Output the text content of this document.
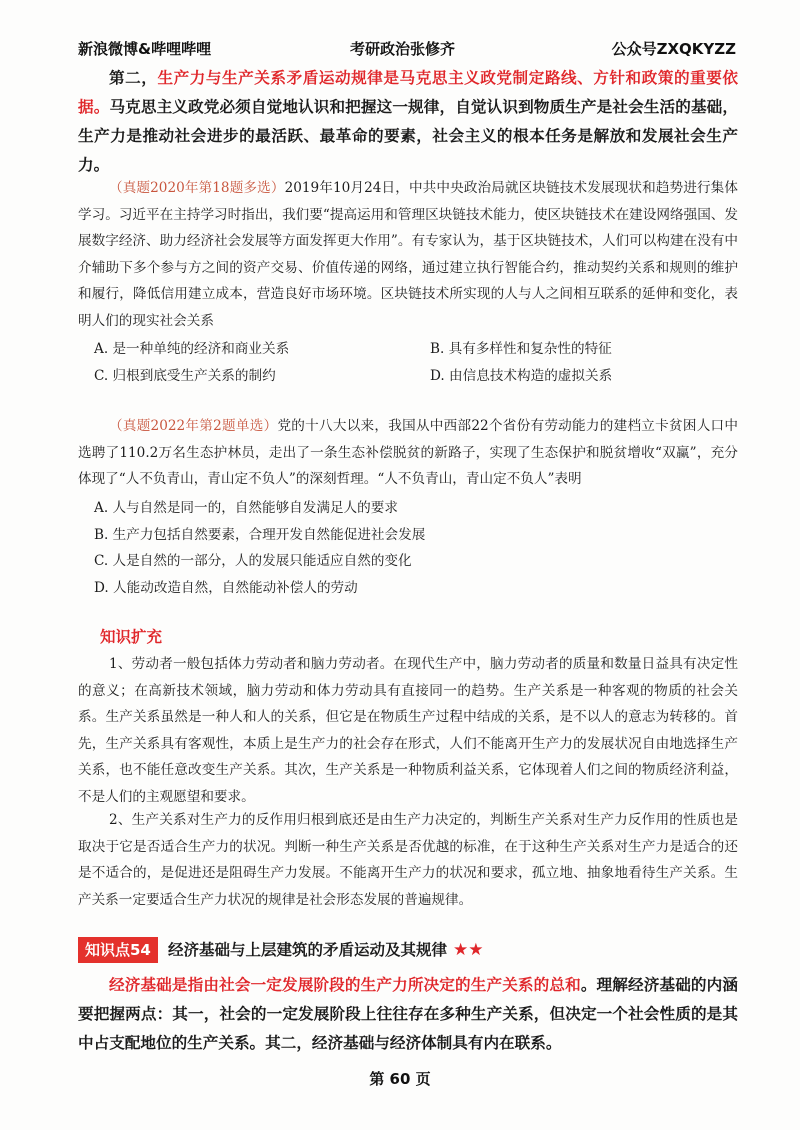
新浪微博&哔哩哔哩	考研政治张修齐	公众号ZXQKYZZ
第二，生产力与生产关系矛盾运动规律是马克思主义政党制定路线、方针和政策的重要依据。马克思主义政党必须自觉地认识和把握这一规律，自觉认识到物质生产是社会生活的基础，生产力是推动社会进步的最活跃、最革命的要素，社会主义的根本任务是解放和发展社会生产力。
（真题2020年第18题多选）2019年10月24日，中共中央政治局就区块链技术发展现状和趋势进行集体学习。习近平在主持学习时指出，我们要“提高运用和管理区块链技术能力，使区块链技术在建设网络强国、发展数字经济、助力经济社会发展等方面发挥更大作用”。有专家认为，基于区块链技术，人们可以构建在没有中介辅助下多个参与方之间的资产交易、价值传递的网络，通过建立执行智能合约，推动契约关系和规则的维护和履行，降低信用建立成本，营造良好市场环境。区块链技术所实现的人与人之间相互联系的延伸和变化，表明人们的现实社会关系
A. 是一种单纯的经济和商业关系	B. 具有多样性和复杂性的特征
C. 归根到底受生产关系的制约	D. 由信息技术构造的虚拟关系
（真题2022年第2题单选）党的十八大以来，我国从中西部22个省份有劳动能力的建档立卡贫困人口中选聘了110.2万名生态护林员，走出了一条生态补偿脱贫的新路子，实现了生态保护和脱贫增收“双赢”，充分体现了“人不负青山，青山定不负人”的深刻哲理。“人不负青山，青山定不负人”表明
A. 人与自然是同一的，自然能够自发满足人的要求
B. 生产力包括自然要素，合理开发自然能促进社会发展
C. 人是自然的一部分，人的发展只能适应自然的变化
D. 人能动改造自然，自然能动补偿人的劳动
知识扩充
1、劳动者一般包括体力劳动者和脑力劳动者。在现代生产中，脑力劳动者的质量和数量日益具有决定性的意义；在高新技术领域，脑力劳动和体力劳动具有直接同一的趋势。生产关系是一种客观的物质的社会关系。生产关系虽然是一种人和人的关系，但它是在物质生产过程中结成的关系，是不以人的意志为转移的。首先，生产关系具有客观性，本质上是生产力的社会存在形式，人们不能离开生产力的发展状况自由地选择生产关系，也不能任意改变生产关系。其次，生产关系是一种物质利益关系，它体现着人们之间的物质经济利益，不是人们的主观愿望和要求。
2、生产关系对生产力的反作用归根到底还是由生产力决定的，判断生产关系对生产力反作用的性质也是取决于它是否适合生产力的状况。判断一种生产关系是否优越的标准，在于这种生产关系对生产力是适合的还是不适合的，是促进还是阻碍生产力发展。不能离开生产力的状况和要求，孤立地、抽象地看待生产关系。生产关系一定要适合生产力状况的规律是社会形态发展的普遍规律。
知识点54	经济基础与上层建筑的矛盾运动及其规律 ★★
经济基础是指由社会一定发展阶段的生产力所决定的生产关系的总和。理解经济基础的内涵要把握两点：其一，社会的一定发展阶段上往往存在多种生产关系，但决定一个社会性质的是其中占支配地位的生产关系。其二，经济基础与经济体制具有内在联系。
第 60 页
